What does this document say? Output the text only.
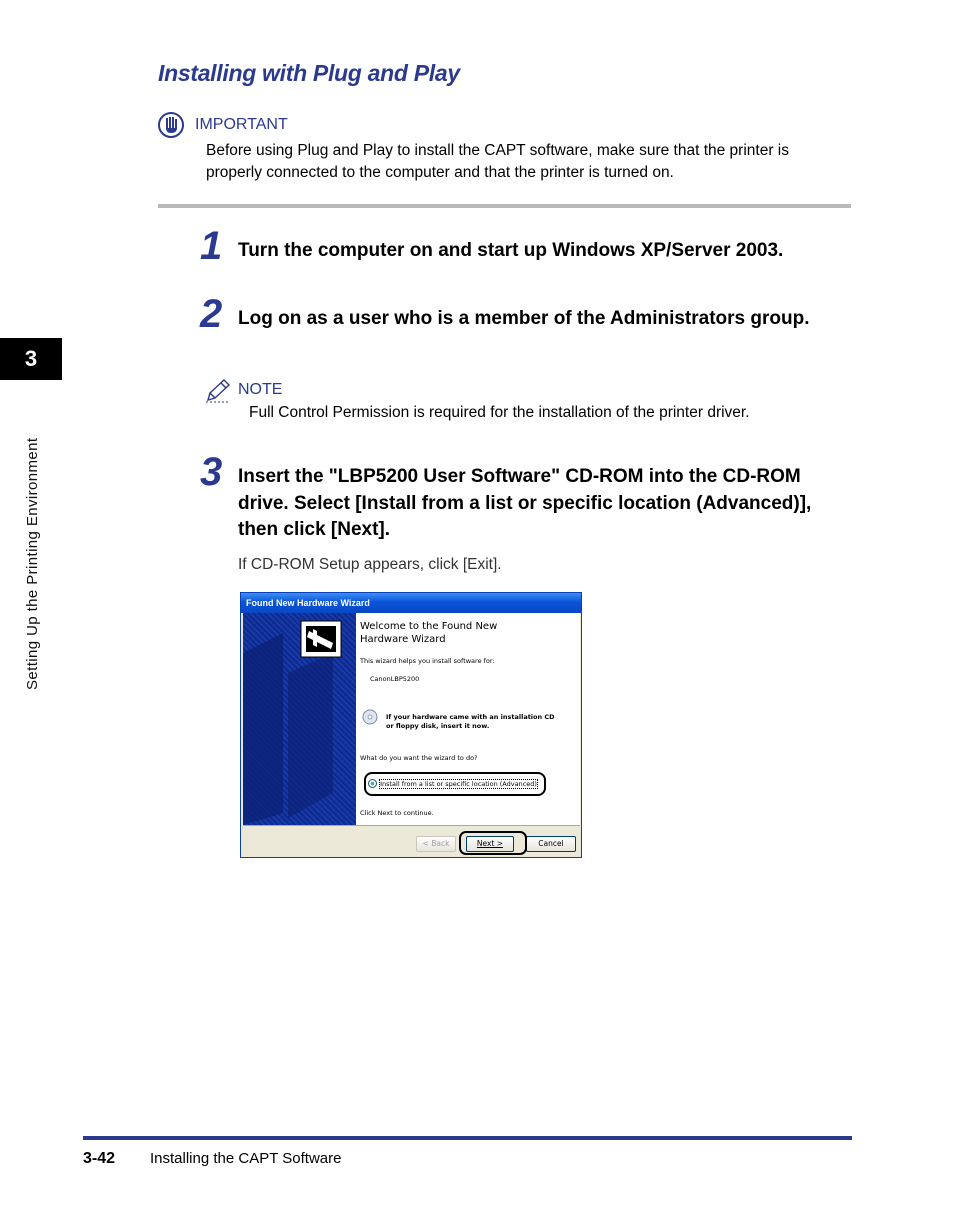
Installing with Plug and Play
IMPORTANT
Before using Plug and Play to install the CAPT software, make sure that the printer is properly connected to the computer and that the printer is turned on.
1 Turn the computer on and start up Windows XP/Server 2003.
2 Log on as a user who is a member of the Administrators group.
NOTE
Full Control Permission is required for the installation of the printer driver.
3 Insert the "LBP5200 User Software" CD-ROM into the CD-ROM drive. Select [Install from a list or specific location (Advanced)], then click [Next].
If CD-ROM Setup appears, click [Exit].
Found New Hardware Wizard
Welcome to the Found New
Hardware Wizard
This wizard helps you install software for:
CanonLBP5200
If your hardware came with an installation CD
or floppy disk, insert it now.
What do you want the wizard to do?
Install from a list or specific location (Advanced)
Click Next to continue.
< Back	Next >	Cancel
3
Setting Up the Printing Environment
3-42 Installing the CAPT Software
